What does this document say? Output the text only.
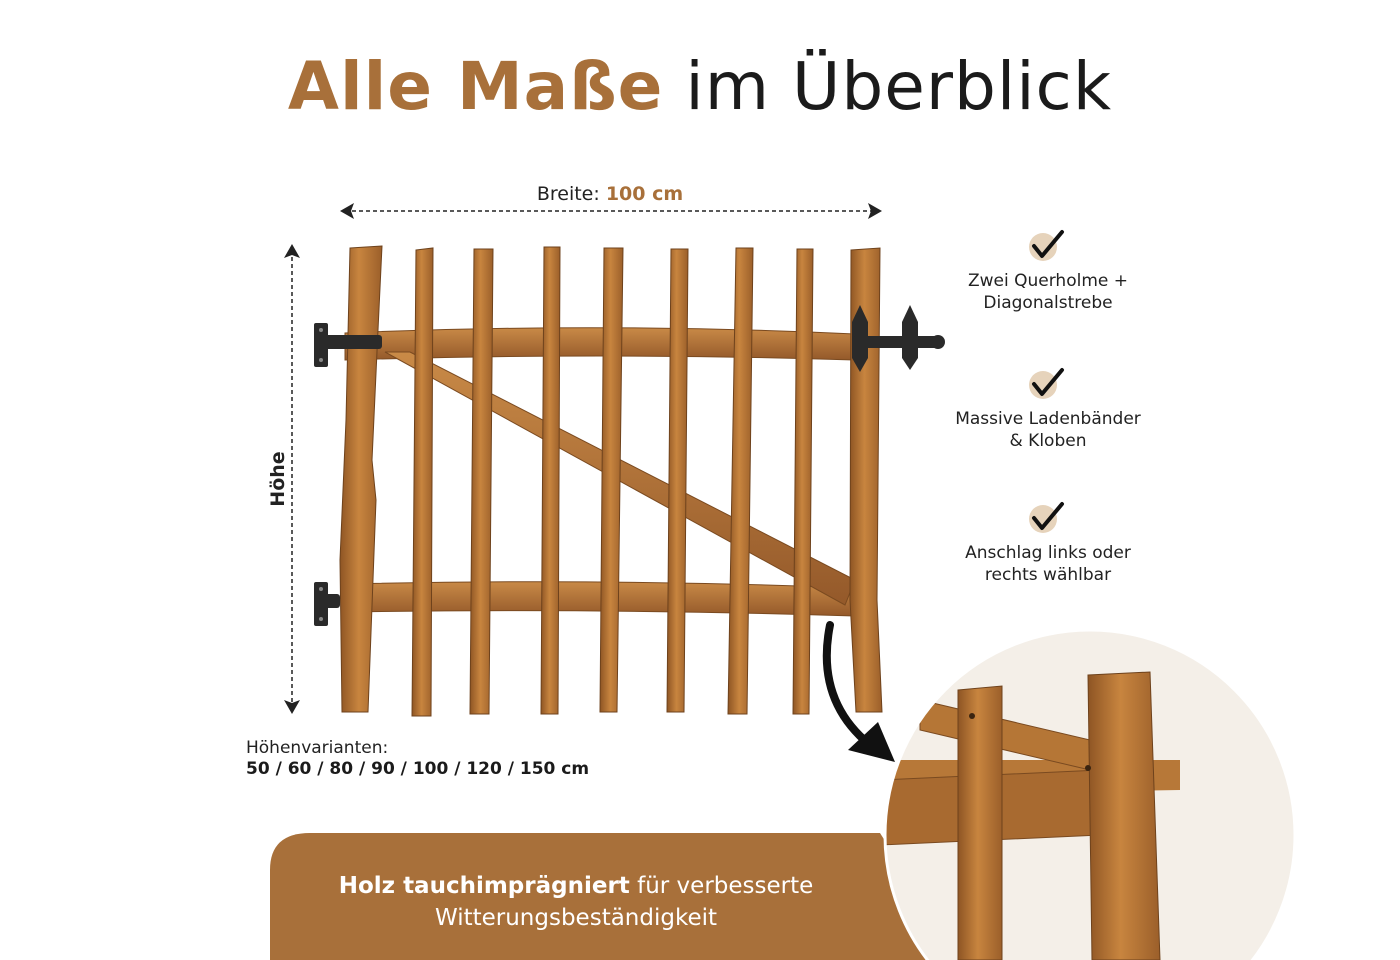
Alle Maße im Überblick
Breite: 100 cm
Höhe
Zwei Querholme +
Diagonalstrebe
Massive Ladenbänder
& Kloben
Anschlag links oder
rechts wählbar
Höhenvarianten:
50 / 60 / 80 / 90 / 100 / 120 / 150 cm
Holz tauchimprägniert für verbesserte
Witterungsbeständigkeit
